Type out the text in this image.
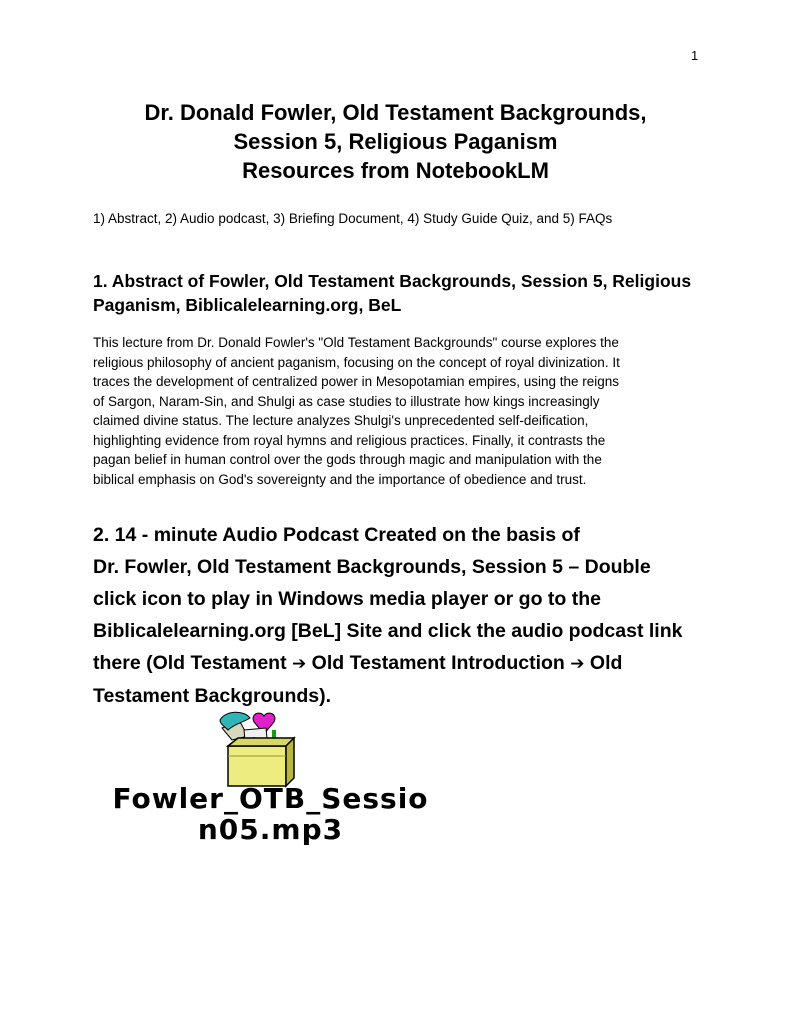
1
Dr. Donald Fowler, Old Testament Backgrounds,
Session 5, Religious Paganism
Resources from NotebookLM
1) Abstract, 2) Audio podcast, 3) Briefing Document, 4) Study Guide Quiz, and 5) FAQs
1. Abstract of Fowler, Old Testament Backgrounds, Session 5, Religious
Paganism, Biblicalelearning.org, BeL
This lecture from Dr. Donald Fowler's "Old Testament Backgrounds" course explores the
religious philosophy of ancient paganism, focusing on the concept of royal divinization. It
traces the development of centralized power in Mesopotamian empires, using the reigns
of Sargon, Naram-Sin, and Shulgi as case studies to illustrate how kings increasingly
claimed divine status. The lecture analyzes Shulgi's unprecedented self-deification,
highlighting evidence from royal hymns and religious practices. Finally, it contrasts the
pagan belief in human control over the gods through magic and manipulation with the
biblical emphasis on God's sovereignty and the importance of obedience and trust.
2. 14 - minute Audio Podcast Created on the basis of
Dr. Fowler, Old Testament Backgrounds, Session 5 – Double
click icon to play in Windows media player or go to the
Biblicalelearning.org [BeL] Site and click the audio podcast link
there (Old Testament ➔ Old Testament Introduction ➔ Old
Testament Backgrounds).
Fowler_OTB_Sessio
n05.mp3
